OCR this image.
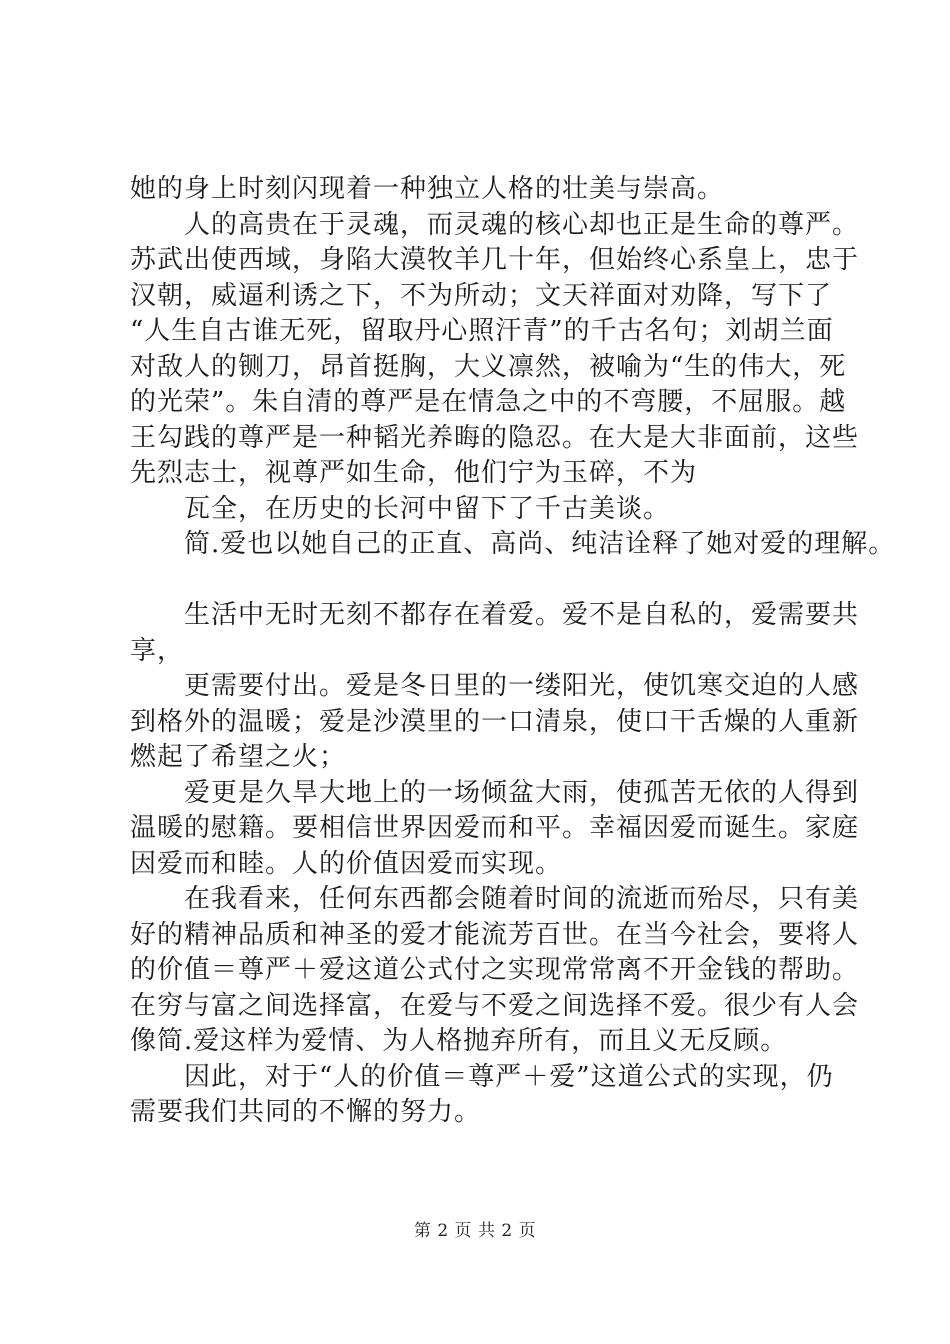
她的身上时刻闪现着一种独立人格的壮美与崇高。
人的高贵在于灵魂，而灵魂的核心却也正是生命的尊严。
苏武出使西域，身陷大漠牧羊几十年，但始终心系皇上，忠于
汉朝，威逼利诱之下，不为所动；文天祥面对劝降，写下了
“人生自古谁无死，留取丹心照汗青”的千古名句；刘胡兰面
对敌人的铡刀，昂首挺胸，大义凛然，被喻为“生的伟大，死
的光荣”。朱自清的尊严是在情急之中的不弯腰，不屈服。越
王勾践的尊严是一种韬光养晦的隐忍。在大是大非面前，这些
先烈志士，视尊严如生命，他们宁为玉碎，不为
瓦全，在历史的长河中留下了千古美谈。
简.爱也以她自己的正直、高尚、纯洁诠释了她对爱的理解。
生活中无时无刻不都存在着爱。爱不是自私的，爱需要共
享，
更需要付出。爱是冬日里的一缕阳光，使饥寒交迫的人感
到格外的温暖；爱是沙漠里的一口清泉，使口干舌燥的人重新
燃起了希望之火；
爱更是久旱大地上的一场倾盆大雨，使孤苦无依的人得到
温暖的慰籍。要相信世界因爱而和平。幸福因爱而诞生。家庭
因爱而和睦。人的价值因爱而实现。
在我看来，任何东西都会随着时间的流逝而殆尽，只有美
好的精神品质和神圣的爱才能流芳百世。在当今社会，要将人
的价值＝尊严＋爱这道公式付之实现常常离不开金钱的帮助。
在穷与富之间选择富，在爱与不爱之间选择不爱。很少有人会
像简.爱这样为爱情、为人格抛弃所有，而且义无反顾。
因此，对于“人的价值＝尊严＋爱”这道公式的实现，仍
需要我们共同的不懈的努力。
第 2 页 共 2 页
